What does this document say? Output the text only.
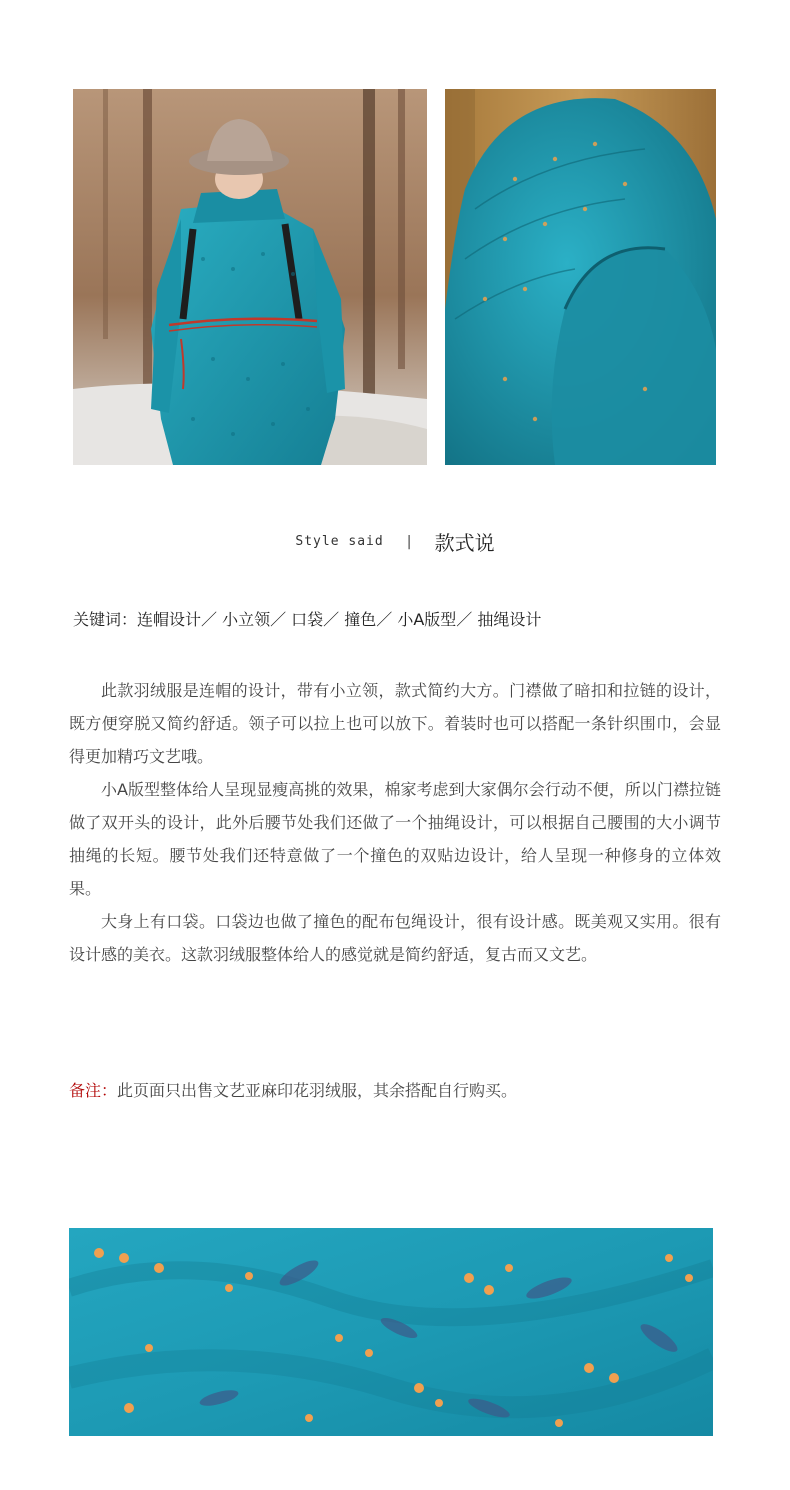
Style said | 款式说
关键词：连帽设计／ 小立领／ 口袋／ 撞色／ 小A版型／ 抽绳设计

此款羽绒服是连帽的设计，带有小立领，款式简约大方。门襟做了暗扣和拉链的设计，既方便穿脱又简约舒适。领子可以拉上也可以放下。着装时也可以搭配一条针织围巾，会显得更加精巧文艺哦。

小A版型整体给人呈现显瘦高挑的效果，棉家考虑到大家偶尔会行动不便，所以门襟拉链做了双开头的设计，此外后腰节处我们还做了一个抽绳设计，可以根据自己腰围的大小调节抽绳的长短。腰节处我们还特意做了一个撞色的双贴边设计，给人呈现一种修身的立体效果。

大身上有口袋。口袋边也做了撞色的配布包绳设计，很有设计感。既美观又实用。很有设计感的美衣。这款羽绒服整体给人的感觉就是简约舒适，复古而又文艺。

备注：此页面只出售文艺亚麻印花羽绒服，其余搭配自行购买。
